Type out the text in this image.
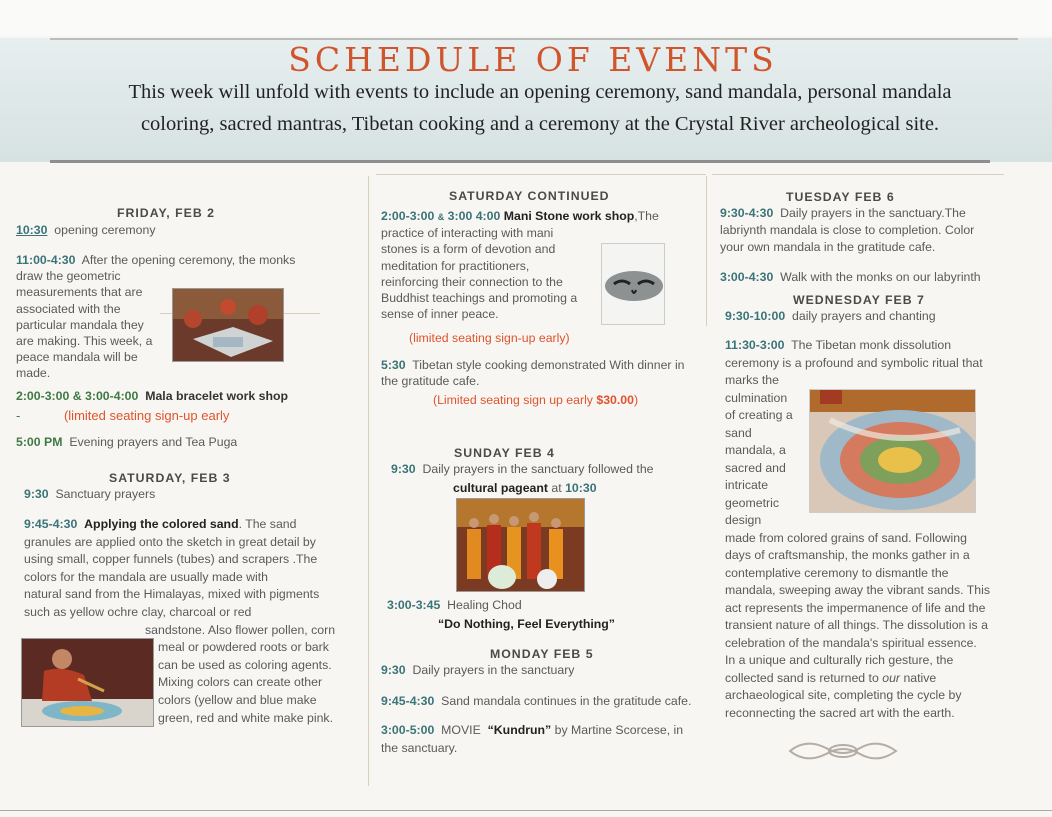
SCHEDULE OF EVENTS
This week will unfold with events to include an opening ceremony, sand mandala, personal mandala
coloring, sacred mantras, Tibetan cooking and a ceremony at the Crystal River archeological site.
FRIDAY, FEB 2
10:30 opening ceremony
11:00-4:30 After the opening ceremony, the monks
draw the geometric
measurements that are
associated with the
particular mandala they
are making. This week, a
peace mandala will be
made.
2:00-3:00 & 3:00-4:00 Mala bracelet work shop
-	(limited seating sign-up early
5:00 PM Evening prayers and Tea Puga
SATURDAY, FEB 3
9:30 Sanctuary prayers
9:45-4:30 Applying the colored sand. The sand
granules are applied onto the sketch in great detail by
using small, copper funnels (tubes) and scrapers .The
colors for the mandala are usually made with
natural sand from the Himalayas, mixed with pigments
such as yellow ochre clay, charcoal or red
sandstone. Also flower pollen, corn
meal or powdered roots or bark
can be used as coloring agents.
Mixing colors can create other
colors (yellow and blue make
green, red and white make pink.
SATURDAY CONTINUED
2:00-3:00 & 3:00 4:00 Mani Stone work shop,The
practice of interacting with mani
stones is a form of devotion and
meditation for practitioners,
reinforcing their connection to the
Buddhist teachings and promoting a
sense of inner peace.
(limited seating sign-up early)
5:30 Tibetan style cooking demonstrated With dinner in
the gratitude cafe.
(Limited seating sign up early $30.00)
SUNDAY FEB 4
9:30 Daily prayers in the sanctuary followed the
cultural pageant at 10:30
3:00-3:45 Healing Chod
“Do Nothing, Feel Everything”
MONDAY FEB 5
9:30 Daily prayers in the sanctuary
9:45-4:30 Sand mandala continues in the gratitude cafe.
3:00-5:00 MOVIE “Kundrun” by Martine Scorcese, in
the sanctuary.
TUESDAY FEB 6
9:30-4:30 Daily prayers in the sanctuary.The
labriynth mandala is close to completion. Color
your own mandala in the gratitude cafe.
3:00-4:30 Walk with the monks on our labyrinth
WEDNESDAY FEB 7
9:30-10:00 daily prayers and chanting
11:30-3:00 The Tibetan monk dissolution
ceremony is a profound and symbolic ritual that
marks the
culmination
of creating a
sand
mandala, a
sacred and
intricate
geometric
design
made from colored grains of sand. Following
days of craftsmanship, the monks gather in a
contemplative ceremony to dismantle the
mandala, sweeping away the vibrant sands. This
act represents the impermanence of life and the
transient nature of all things. The dissolution is a
celebration of the mandala's spiritual essence.
In a unique and culturally rich gesture, the
collected sand is returned to our native
archaeological site, completing the cycle by
reconnecting the sacred art with the earth.
